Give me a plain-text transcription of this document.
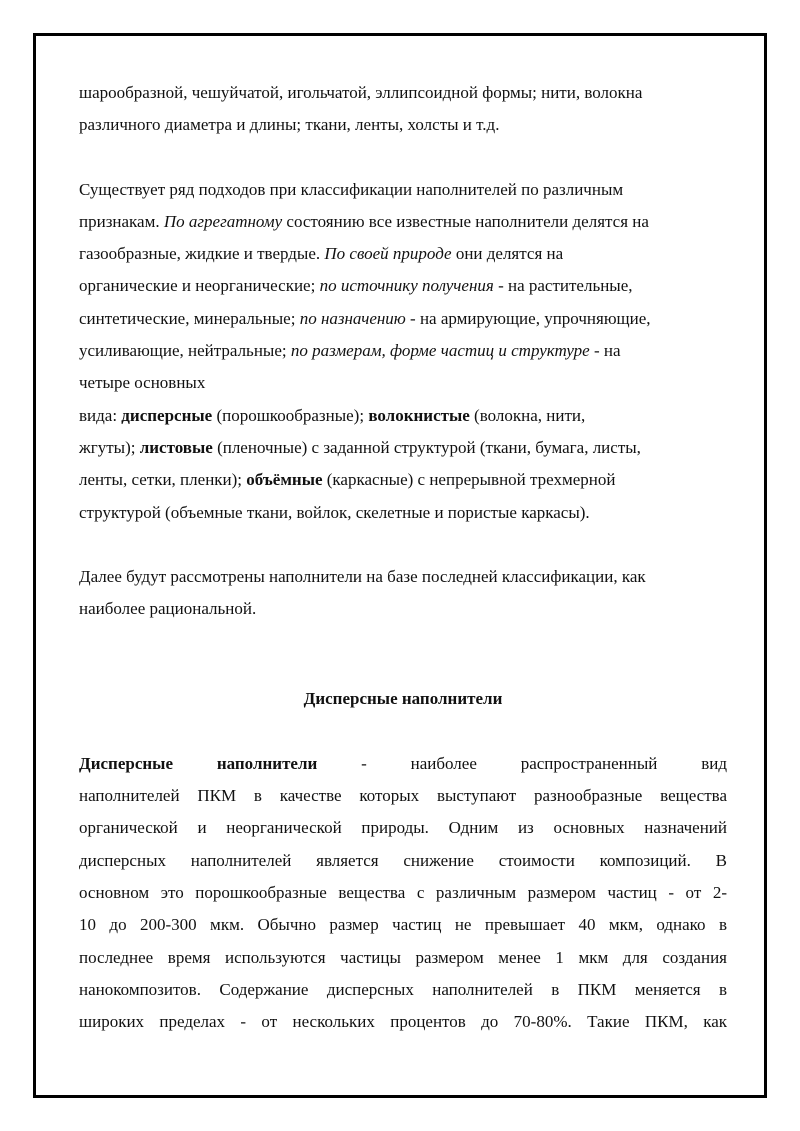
шарообразной, чешуйчатой, игольчатой, эллипсоидной формы; нити, волокна
различного диаметра и длины; ткани, ленты, холсты и т.д.

Существует ряд подходов при классификации наполнителей по различным
признакам. По агрегатному состоянию все известные наполнители делятся на
газообразные, жидкие и твердые. По своей природе они делятся на
органические и неорганические; по источнику получения - на растительные,
синтетические, минеральные; по назначению - на армирующие, упрочняющие,
усиливающие, нейтральные; по размерам, форме частиц и структуре - на
четыре основных
вида: дисперсные (порошкообразные); волокнистые (волокна, нити,
жгуты); листовые (пленочные) с заданной структурой (ткани, бумага, листы,
ленты, сетки, пленки); объёмные (каркасные) с непрерывной трехмерной
структурой (объемные ткани, войлок, скелетные и пористые каркасы).

Далее будут рассмотрены наполнители на базе последней классификации, как
наиболее рациональной.

Дисперсные наполнители

Дисперсные наполнители - наиболее распространенный вид

наполнителей ПКМ в качестве которых выступают разнообразные вещества

органической и неорганической природы. Одним из основных назначений

дисперсных наполнителей является снижение стоимости композиций. В

основном это порошкообразные вещества с различным размером частиц - от 2-

10 до 200-300 мкм. Обычно размер частиц не превышает 40 мкм, однако в

последнее время используются частицы размером менее 1 мкм для создания

нанокомпозитов. Содержание дисперсных наполнителей в ПКМ меняется в

широких пределах - от нескольких процентов до 70-80%. Такие ПКМ, как
